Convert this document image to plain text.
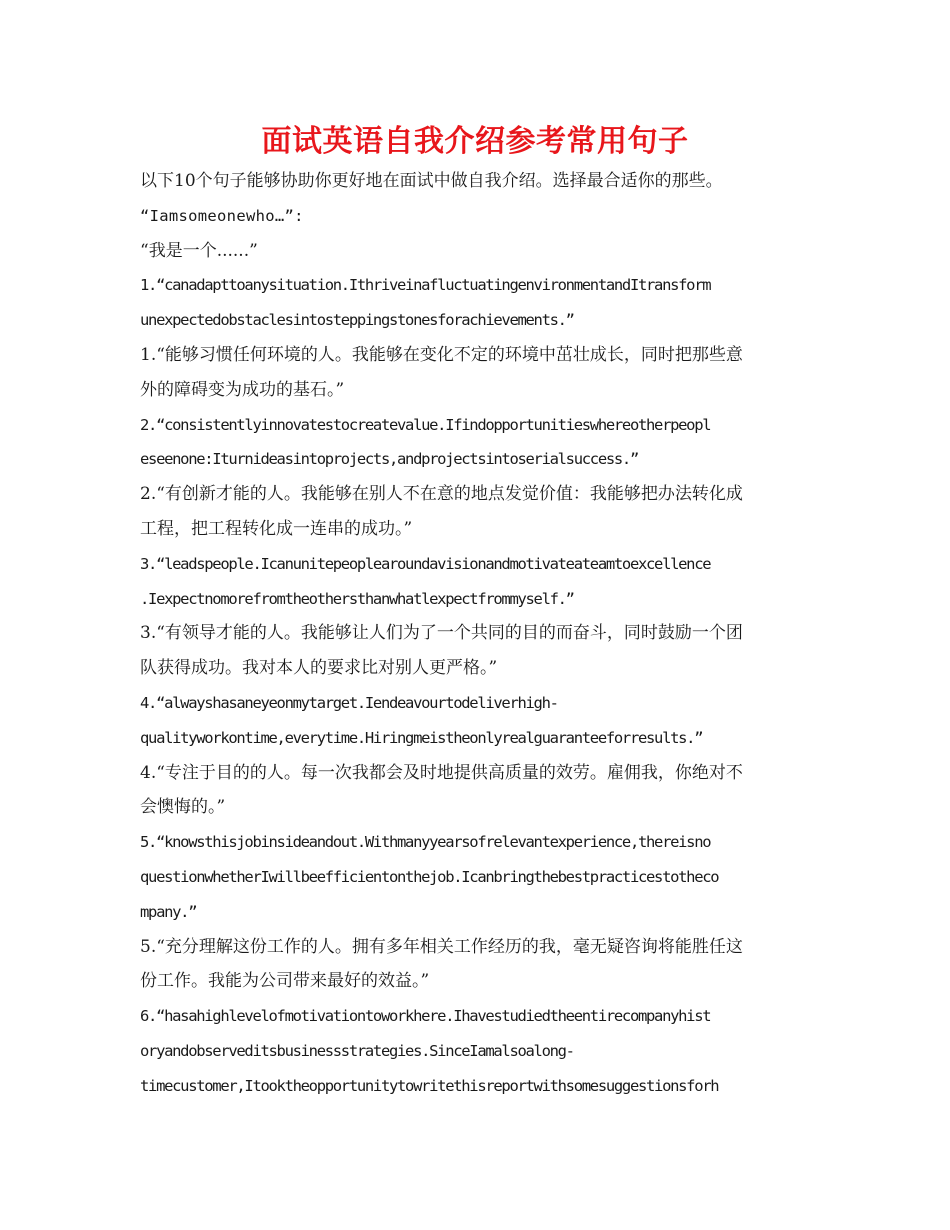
面试英语自我介绍参考常用句子
以下10个句子能够协助你更好地在面试中做自我介绍。选择最合适你的那些。
“Iamsomeonewho…”:
“我是一个......”
1.“canadapttoanysituation.IthriveinafluctuatingenvironmentandItransform
unexpectedobstaclesintosteppingstonesforachievements.”
1.“能够习惯任何环境的人。我能够在变化不定的环境中茁壮成长，同时把那些意
外的障碍变为成功的基石。”
2.“consistentlyinnovatestocreatevalue.Ifindopportunitieswhereotherpeopl
eseenone:Iturnideasintoprojects,andprojectsintoserialsuccess.”
2.“有创新才能的人。我能够在别人不在意的地点发觉价值：我能够把办法转化成
工程，把工程转化成一连串的成功。”
3.“leadspeople.Icanunitepeoplearoundavisionandmotivateateamtoexcellence
.Iexpectnomorefromtheothersthanwhatlexpectfrommyself.”
3.“有领导才能的人。我能够让人们为了一个共同的目的而奋斗，同时鼓励一个团
队获得成功。我对本人的要求比对别人更严格。”
4.“alwayshasaneyeonmytarget.Iendeavourtodeliverhigh-
qualityworkontime,everytime.Hiringmeistheonlyrealguaranteeforresults.”
4.“专注于目的的人。每一次我都会及时地提供高质量的效劳。雇佣我，你绝对不
会懊悔的。”
5.“knowsthisjobinsideandout.Withmanyyearsofrelevantexperience,thereisno
questionwhetherIwillbeefficientonthejob.Icanbringthebestpracticestotheco
mpany.”
5.“充分理解这份工作的人。拥有多年相关工作经历的我，毫无疑咨询将能胜任这
份工作。我能为公司带来最好的效益。”
6.“hasahighlevelofmotivationtoworkhere.Ihavestudiedtheentirecompanyhist
oryandobserveditsbusinessstrategies.SinceIamalsoalong-
timecustomer,Itooktheopportunitytowritethisreportwithsomesuggestionsforh
